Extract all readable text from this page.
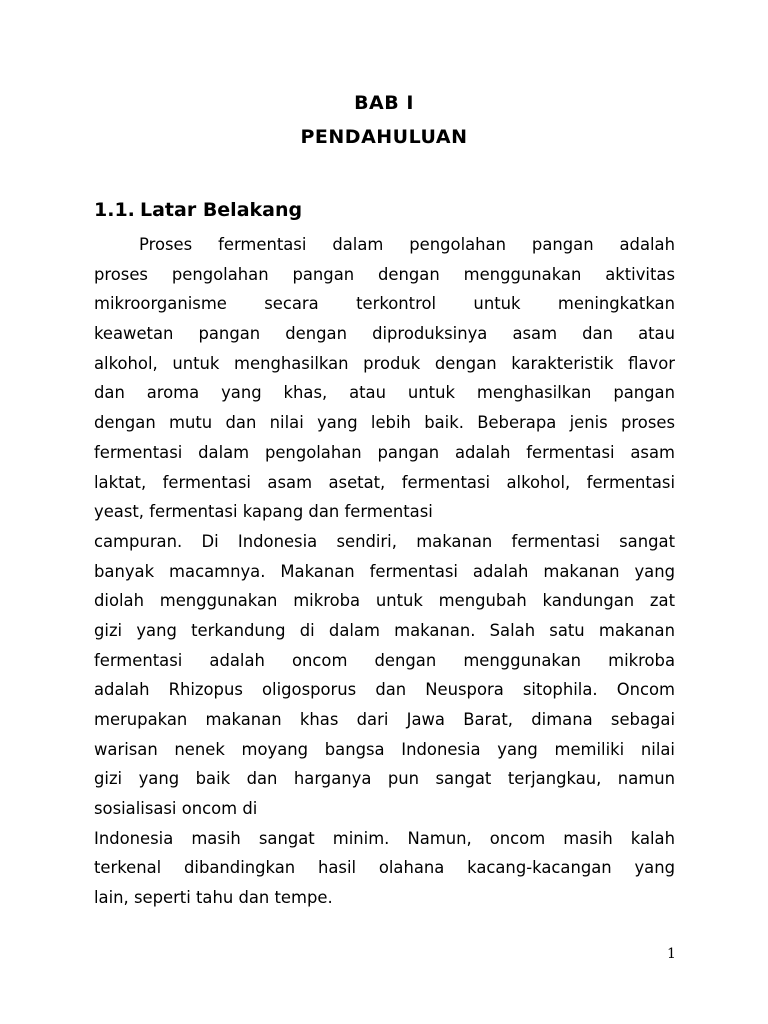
BAB I
PENDAHULUAN
1.1. Latar Belakang
Proses fermentasi dalam pengolahan pangan adalah
proses pengolahan pangan dengan menggunakan aktivitas
mikroorganisme secara terkontrol untuk meningkatkan
keawetan pangan dengan diproduksinya asam dan atau
alkohol, untuk menghasilkan produk dengan karakteristik flavor
dan aroma yang khas, atau untuk menghasilkan pangan
dengan mutu dan nilai yang lebih baik. Beberapa jenis proses
fermentasi dalam pengolahan pangan adalah fermentasi asam
laktat, fermentasi asam asetat, fermentasi alkohol, fermentasi
yeast, fermentasi kapang dan fermentasi
campuran. Di Indonesia sendiri, makanan fermentasi sangat
banyak macamnya. Makanan fermentasi adalah makanan yang
diolah menggunakan mikroba untuk mengubah kandungan zat
gizi yang terkandung di dalam makanan. Salah satu makanan
fermentasi adalah oncom dengan menggunakan mikroba
adalah Rhizopus oligosporus dan Neuspora sitophila. Oncom
merupakan makanan khas dari Jawa Barat, dimana sebagai
warisan nenek moyang bangsa Indonesia yang memiliki nilai
gizi yang baik dan harganya pun sangat terjangkau, namun
sosialisasi oncom di
Indonesia masih sangat minim. Namun, oncom masih kalah
terkenal dibandingkan hasil olahana kacang-kacangan yang
lain, seperti tahu dan tempe.
1
